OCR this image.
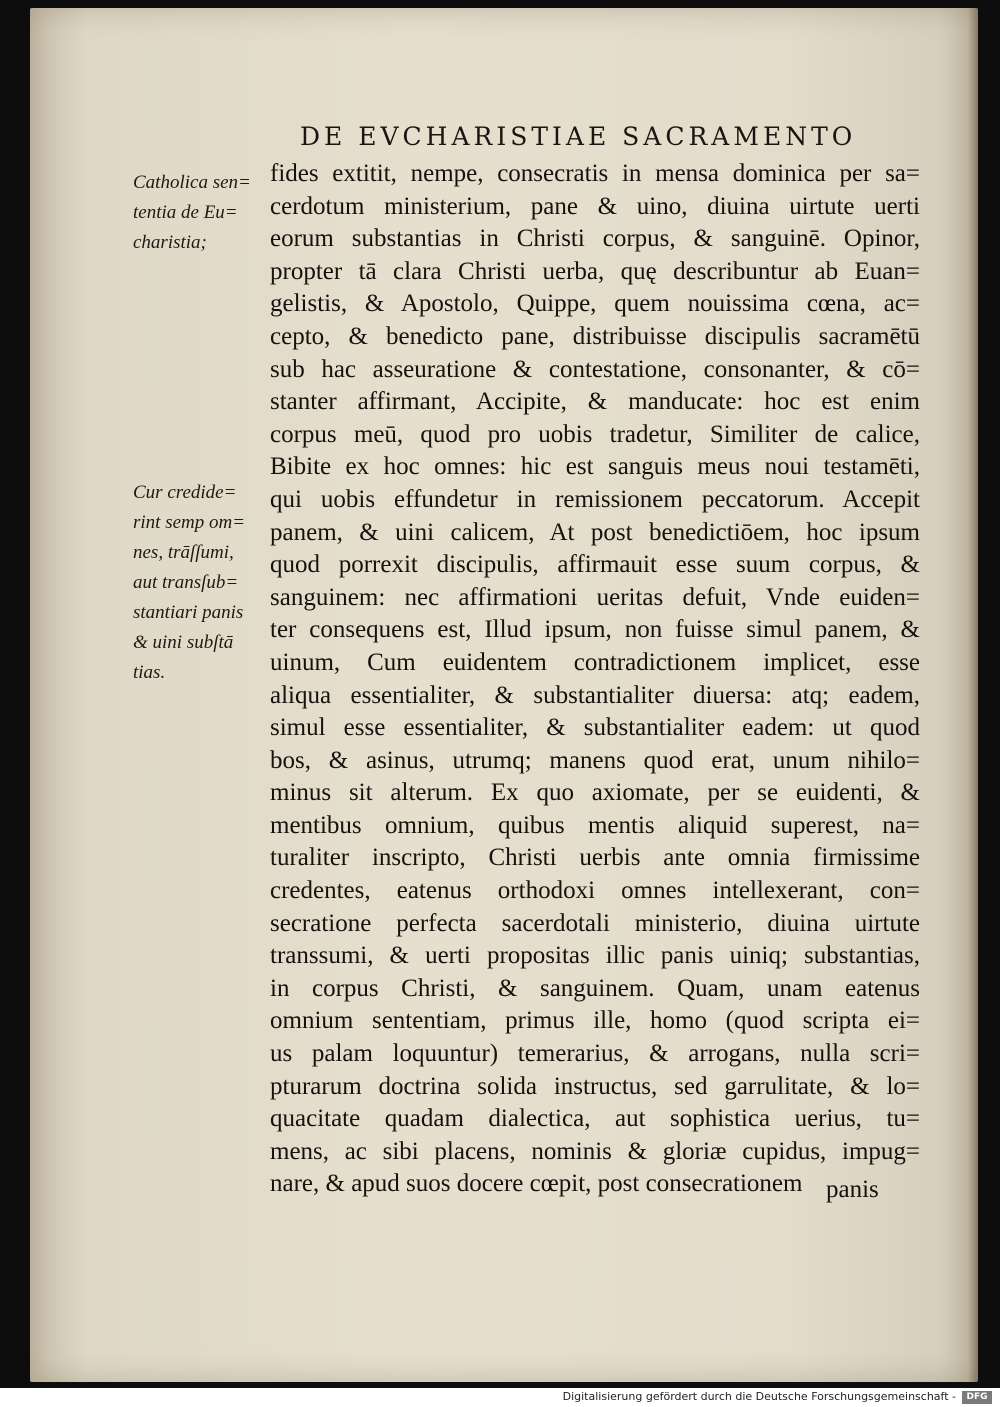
DE EVCHARISTIAE SACRAMENTO
Catholica sen=
tentia de Eu=
charistia;
Cur credide=
rint semp om=
nes, trāſſumi,
aut transſub=
stantiari panis
& uini subſtā
tias.
fides extitit, nempe, consecratis in mensa dominica per sa=
cerdotum ministerium, pane & uino, diuina uirtute uerti
eorum substantias in Christi corpus, & sanguinē. Opinor,
propter tā clara Christi uerba, quę describuntur ab Euan=
gelistis, & Apostolo, Quippe, quem nouissima cœna, ac=
cepto, & benedicto pane, distribuisse discipulis sacramētū
sub hac asseuratione & contestatione, consonanter, & cō=
stanter affirmant, Accipite, & manducate: hoc est enim
corpus meū, quod pro uobis tradetur, Similiter de calice,
Bibite ex hoc omnes: hic est sanguis meus noui testamēti,
qui uobis effundetur in remissionem peccatorum. Accepit
panem, & uini calicem, At post benedictiōem, hoc ipsum
quod porrexit discipulis, affirmauit esse suum corpus, &
sanguinem: nec affirmationi ueritas defuit, Vnde euiden=
ter consequens est, Illud ipsum, non fuisse simul panem, &
uinum, Cum euidentem contradictionem implicet, esse
aliqua essentialiter, & substantialiter diuersa: atq; eadem,
simul esse essentialiter, & substantialiter eadem: ut quod
bos, & asinus, utrumq; manens quod erat, unum nihilo=
minus sit alterum. Ex quo axiomate, per se euidenti, &
mentibus omnium, quibus mentis aliquid superest, na=
turaliter inscripto, Christi uerbis ante omnia firmissime
credentes, eatenus orthodoxi omnes intellexerant, con=
secratione perfecta sacerdotali ministerio, diuina uirtute
transsumi, & uerti propositas illic panis uiniq; substantias,
in corpus Christi, & sanguinem. Quam, unam eatenus
omnium sententiam, primus ille, homo (quod scripta ei=
us palam loquuntur) temerarius, & arrogans, nulla scri=
pturarum doctrina solida instructus, sed garrulitate, & lo=
quacitate quadam dialectica, aut sophistica uerius, tu=
mens, ac sibi placens, nominis & gloriæ cupidus, impug=
nare, & apud suos docere cœpit, post consecrationem panis
Digitalisierung gefördert durch die Deutsche Forschungsgemeinschaft -	DFG
